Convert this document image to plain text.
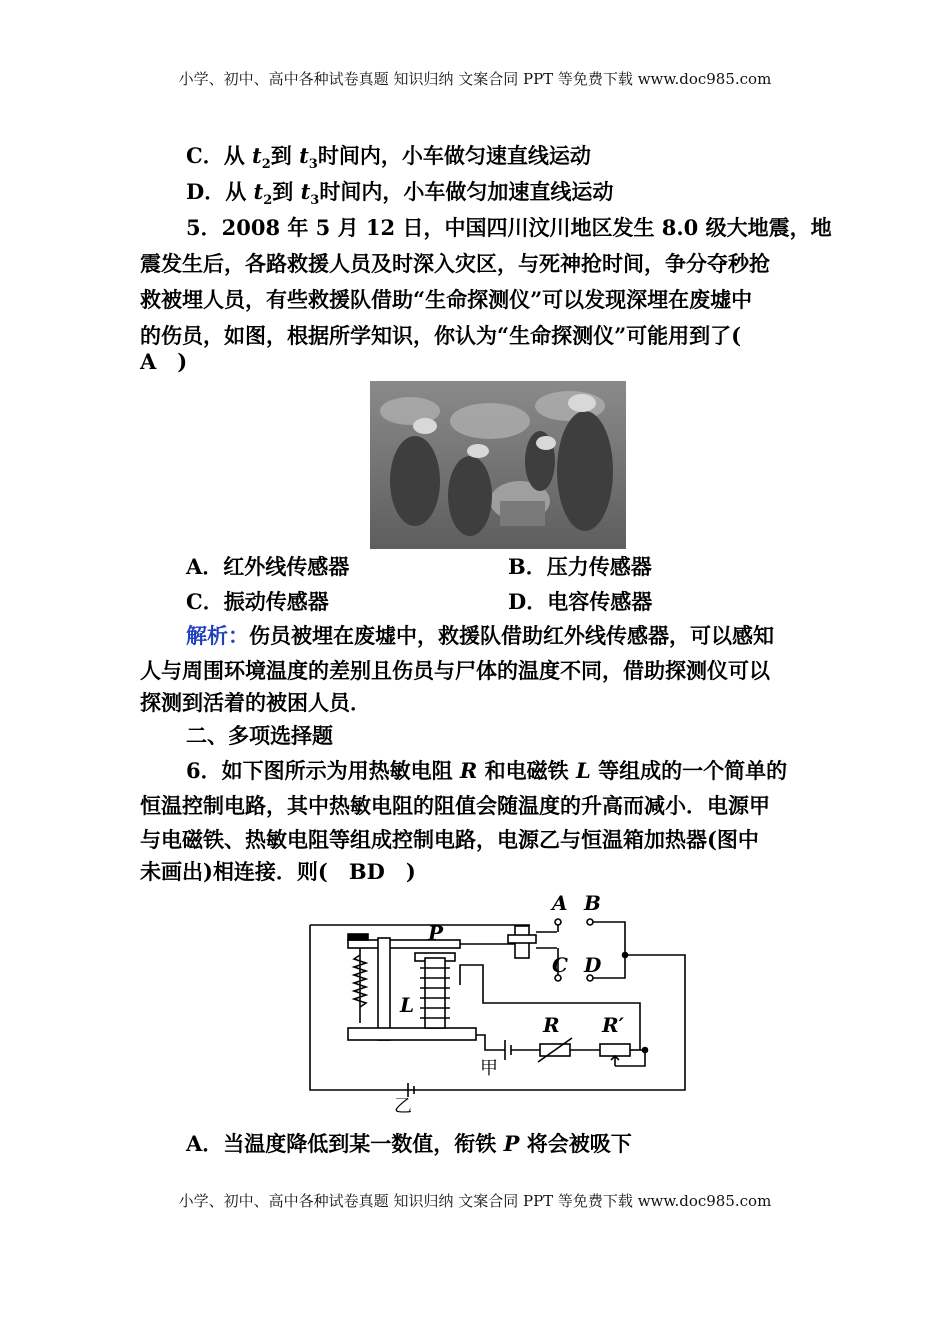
小学、初中、高中各种试卷真题 知识归纳 文案合同 PPT 等免费下载 www.doc985.com
C．从 $t_2$到 $t_3$时间内，小车做匀速直线运动
D．从 $t_2$到 $t_3$时间内，小车做匀加速直线运动
5．2008 年 5 月 12 日，中国四川汶川地区发生 8.0 级大地震，地
震发生后，各路救援人员及时深入灾区，与死神抢时间，争分夺秒抢
救被埋人员，有些救援队借助“生命探测仪”可以发现深埋在废墟中
的伤员，如图，根据所学知识，你认为“生命探测仪”可能用到了(
A　)
A．红外线传感器	B．压力传感器
C．振动传感器	D．电容传感器
解析：伤员被埋在废墟中，救援队借助红外线传感器，可以感知
人与周围环境温度的差别且伤员与尸体的温度不同，借助探测仪可以
探测到活着的被困人员．
二、多项选择题
6．如下图所示为用热敏电阻 R 和电磁铁 L 等组成的一个简单的
恒温控制电路，其中热敏电阻的阻值会随温度的升高而减小．电源甲
与电磁铁、热敏电阻等组成控制电路，电源乙与恒温箱加热器(图中
未画出)相连接．则(　BD　)
A B
C D
P
L
R R′
甲
乙
A．当温度降低到某一数值，衔铁 P 将会被吸下
小学、初中、高中各种试卷真题 知识归纳 文案合同 PPT 等免费下载 www.doc985.com
